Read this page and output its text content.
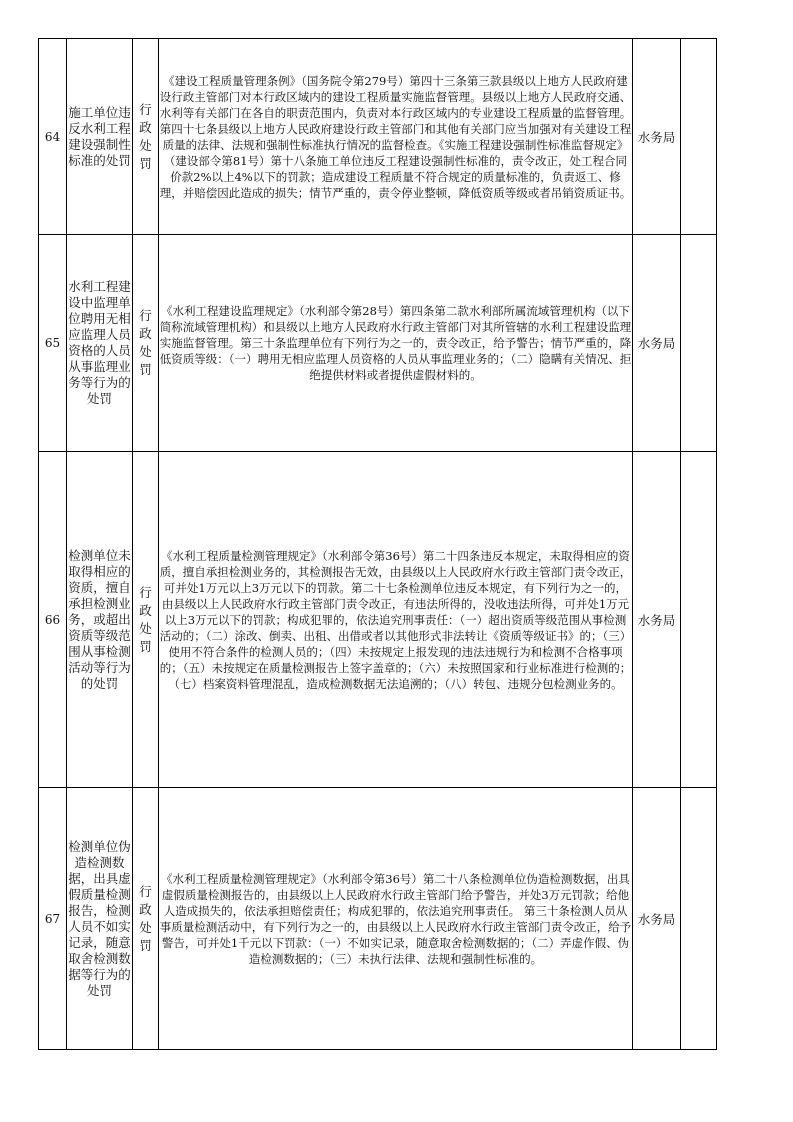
64	施工单位违反水利工程建设强制性标准的处罚	行政处罚	《建设工程质量管理条例》（国务院令第279号）第四十三条第三款县级以上地方人民政府建设行政主管部门对本行政区域内的建设工程质量实施监督管理。县级以上地方人民政府交通、水利等有关部门在各自的职责范围内，负责对本行政区域内的专业建设工程质量的监督管理。第四十七条县级以上地方人民政府建设行政主管部门和其他有关部门应当加强对有关建设工程质量的法律、法规和强制性标准执行情况的监督检查。《实施工程建设强制性标准监督规定》（建设部令第81号）第十八条施工单位违反工程建设强制性标准的，责令改正，处工程合同价款2%以上4%以下的罚款；造成建设工程质量不符合规定的质量标准的，负责返工、修理，并赔偿因此造成的损失；情节严重的，责令停业整顿，降低资质等级或者吊销资质证书。	水务局	
65	水利工程建设中监理单位聘用无相应监理人员资格的人员从事监理业务等行为的处罚	行政处罚	《水利工程建设监理规定》（水利部令第28号）第四条第二款水利部所属流域管理机构（以下简称流域管理机构）和县级以上地方人民政府水行政主管部门对其所管辖的水利工程建设监理实施监督管理。第三十条监理单位有下列行为之一的，责令改正，给予警告；情节严重的，降低资质等级：（一）聘用无相应监理人员资格的人员从事监理业务的；（二）隐瞒有关情况、拒绝提供材料或者提供虚假材料的。	水务局	
66	检测单位未取得相应的资质，擅自承担检测业务，或超出资质等级范围从事检测活动等行为的处罚	行政处罚	《水利工程质量检测管理规定》（水利部令第36号）第二十四条违反本规定，未取得相应的资质，擅自承担检测业务的，其检测报告无效，由县级以上人民政府水行政主管部门责令改正，可并处1万元以上3万元以下的罚款。第二十七条检测单位违反本规定，有下列行为之一的，由县级以上人民政府水行政主管部门责令改正，有违法所得的，没收违法所得，可并处1万元以上3万元以下的罚款；构成犯罪的，依法追究刑事责任：（一）超出资质等级范围从事检测活动的；（二）涂改、倒卖、出租、出借或者以其他形式非法转让《资质等级证书》的；（三）使用不符合条件的检测人员的；（四）未按规定上报发现的违法违规行为和检测不合格事项的；（五）未按规定在质量检测报告上签字盖章的；（六）未按照国家和行业标准进行检测的；（七）档案资料管理混乱，造成检测数据无法追溯的；（八）转包、违规分包检测业务的。	水务局	
67	检测单位伪造检测数据，出具虚假质量检测报告，检测人员不如实记录，随意取舍检测数据等行为的处罚	行政处罚	《水利工程质量检测管理规定》（水利部令第36号）第二十八条检测单位伪造检测数据，出具虚假质量检测报告的，由县级以上人民政府水行政主管部门给予警告，并处3万元罚款；给他人造成损失的，依法承担赔偿责任；构成犯罪的，依法追究刑事责任。 第三十条检测人员从事质量检测活动中，有下列行为之一的，由县级以上人民政府水行政主管部门责令改正，给予警告，可并处1千元以下罚款：（一）不如实记录，随意取舍检测数据的；（二）弄虚作假、伪造检测数据的；（三）未执行法律、法规和强制性标准的。	水务局	
